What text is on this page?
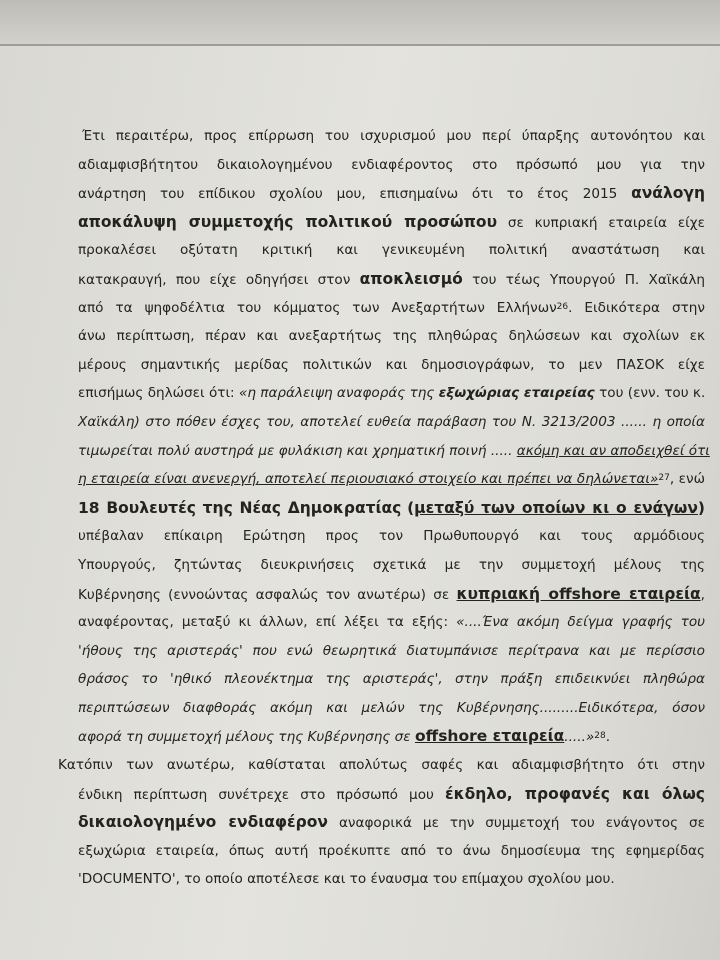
Έτι περαιτέρω, προς επίρρωση του ισχυρισμού μου περί ύπαρξης αυτονόητου και
αδιαμφισβήτητου δικαιολογημένου ενδιαφέροντος στο πρόσωπό μου για την
ανάρτηση του επίδικου σχολίου μου, επισημαίνω ότι το έτος 2015 ανάλογη
αποκάλυψη συμμετοχής πολιτικού προσώπου σε κυπριακή εταιρεία είχε
προκαλέσει οξύτατη κριτική και γενικευμένη πολιτική αναστάτωση και
κατακραυγή, που είχε οδηγήσει στον αποκλεισμό του τέως Υπουργού Π. Χαϊκάλη
από τα ψηφοδέλτια του κόμματος των Ανεξαρτήτων Ελλήνων$^{26}$. Ειδικότερα στην
άνω περίπτωση, πέραν και ανεξαρτήτως της πληθώρας δηλώσεων και σχολίων εκ
μέρους σημαντικής μερίδας πολιτικών και δημοσιογράφων, το μεν ΠΑΣΟΚ είχε
επισήμως δηλώσει ότι: «η παράλειψη αναφοράς της εξωχώριας εταιρείας του (ενν. του κ.
Χαϊκάλη) στο πόθεν έσχες του, αποτελεί ευθεία παράβαση του Ν. 3213/2003 ...... η οποία
τιμωρείται πολύ αυστηρά με φυλάκιση και χρηματική ποινή ..... ακόμη και αν αποδειχθεί ότι
η εταιρεία είναι ανενεργή, αποτελεί περιουσιακό στοιχείο και πρέπει να δηλώνεται»$^{27}$, ενώ
18 Βουλευτές της Νέας Δημοκρατίας (μεταξύ των οποίων κι ο ενάγων)
υπέβαλαν επίκαιρη Ερώτηση προς τον Πρωθυπουργό και τους αρμόδιους
Υπουργούς, ζητώντας διευκρινήσεις σχετικά με την συμμετοχή μέλους της
Κυβέρνησης (εννοώντας ασφαλώς τον ανωτέρω) σε κυπριακή offshore εταιρεία,
αναφέροντας, μεταξύ κι άλλων, επί λέξει τα εξής: «....Ένα ακόμη δείγμα γραφής του
'ήθους της αριστεράς' που ενώ θεωρητικά διατυμπάνισε περίτρανα και με περίσσιο
θράσος το 'ηθικό πλεονέκτημα της αριστεράς', στην πράξη επιδεικνύει πληθώρα
περιπτώσεων διαφθοράς ακόμη και μελών της Κυβέρνησης.........Ειδικότερα, όσον
αφορά τη συμμετοχή μέλους της Κυβέρνησης σε offshore εταιρεία.....»$^{28}$.
Κατόπιν των ανωτέρω, καθίσταται απολύτως σαφές και αδιαμφισβήτητο ότι στην
ένδικη περίπτωση συνέτρεχε στο πρόσωπό μου έκδηλο, προφανές και όλως
δικαιολογημένο ενδιαφέρον αναφορικά με την συμμετοχή του ενάγοντος σε
εξωχώρια εταιρεία, όπως αυτή προέκυπτε από το άνω δημοσίευμα της εφημερίδας
'DOCUMENTO', το οποίο αποτέλεσε και το έναυσμα του επίμαχου σχολίου μου.
